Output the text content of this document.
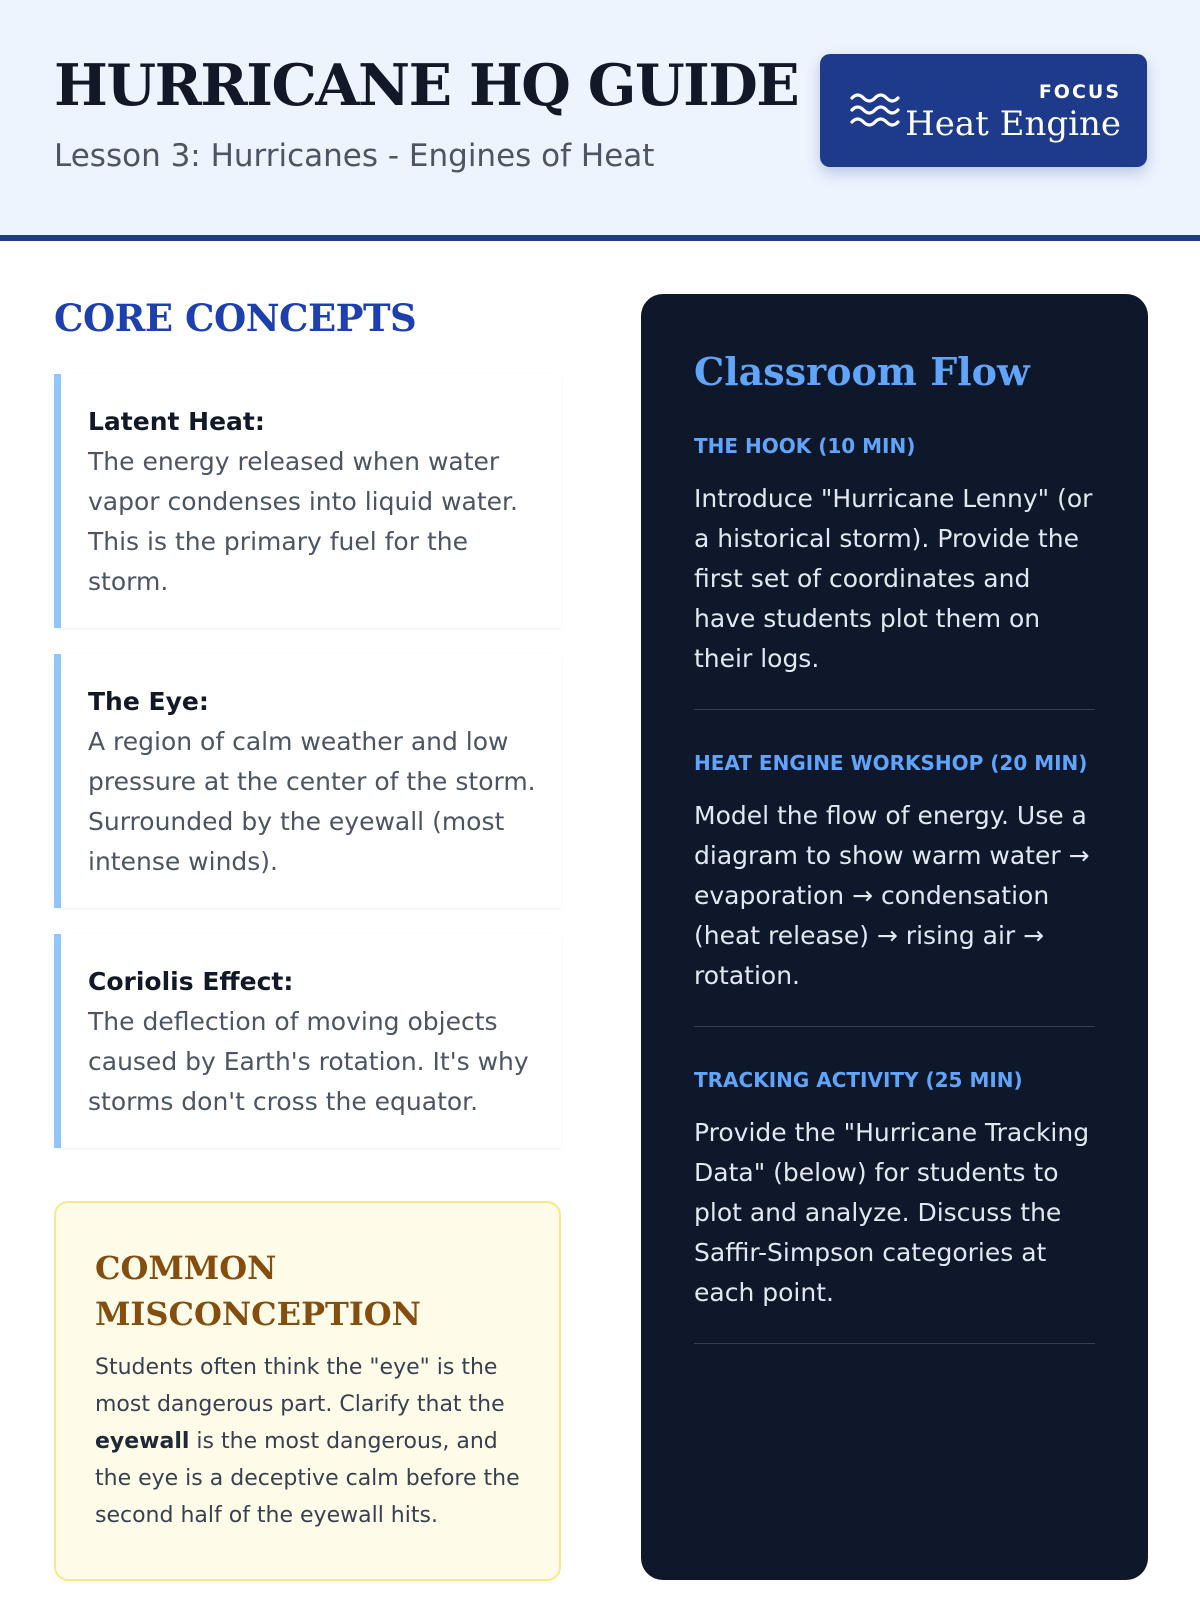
HURRICANE HQ GUIDE
Lesson 3: Hurricanes - Engines of Heat
FOCUS
Heat Engine
CORE CONCEPTS
Latent Heat:
The energy released when water vapor condenses into liquid water. This is the primary fuel for the storm.
The Eye:
A region of calm weather and low pressure at the center of the storm. Surrounded by the eyewall (most intense winds).
Coriolis Effect:
The deflection of moving objects caused by Earth's rotation. It's why storms don't cross the equator.
COMMON
MISCONCEPTION

Students often think the "eye" is the most dangerous part. Clarify that the eyewall is the most dangerous, and the eye is a deceptive calm before the second half of the eyewall hits.

Classroom Flow
THE HOOK (10 MIN)
Introduce "Hurricane Lenny" (or a historical storm). Provide the first set of coordinates and have students plot them on their logs.
HEAT ENGINE WORKSHOP (20 MIN)
Model the flow of energy. Use a diagram to show warm water → evaporation → condensation (heat release) → rising air → rotation.
TRACKING ACTIVITY (25 MIN)
Provide the "Hurricane Tracking Data" (below) for students to plot and analyze. Discuss the Saffir-Simpson categories at each point.
